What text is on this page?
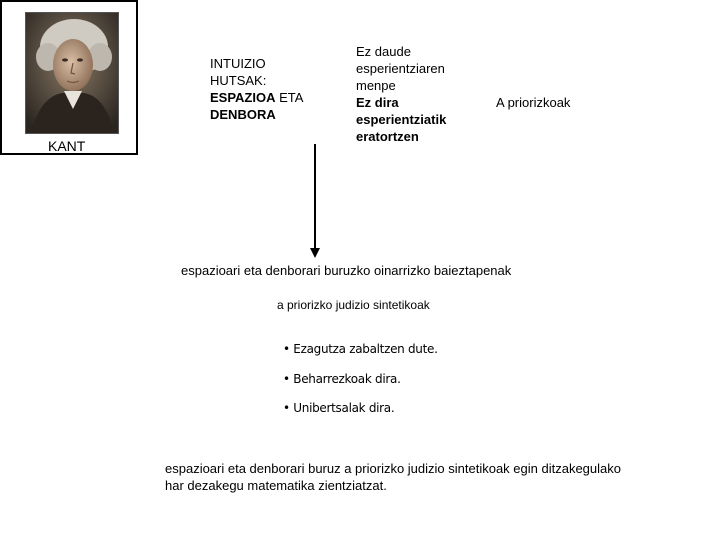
KANT
INTUIZIO
HUTSAK:
ESPAZIOA ETA
DENBORA
Ez daude
esperientziaren
menpe
Ez dira
esperientziatik
eratortzen
A priorizkoak
espazioari eta denborari buruzko oinarrizko baieztapenak
a priorizko judizio sintetikoak
• Ezagutza zabaltzen dute.
• Beharrezkoak dira.
• Unibertsalak dira.
espazioari eta denborari buruz a priorizko judizio sintetikoak egin ditzakegulako
har dezakegu matematika zientziatzat.
